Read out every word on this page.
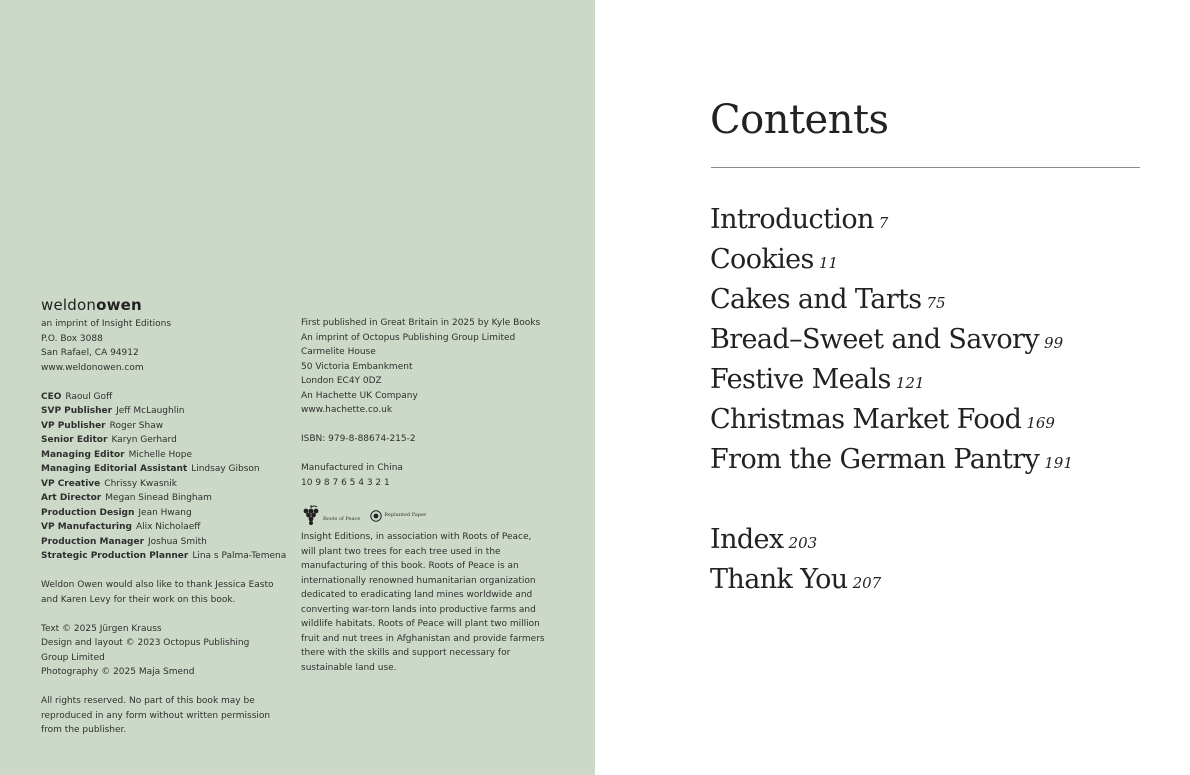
weldonowen
an imprint of Insight Editions
P.O. Box 3088
San Rafael, CA 94912
www.weldonowen.com
CEO Raoul Goff
SVP Publisher Jeff McLaughlin
VP Publisher Roger Shaw
Senior Editor Karyn Gerhard
Managing Editor Michelle Hope
Managing Editorial Assistant Lindsay Gibson
VP Creative Chrissy Kwasnik
Art Director Megan Sinead Bingham
Production Design Jean Hwang
VP Manufacturing Alix Nicholaeff
Production Manager Joshua Smith
Strategic Production Planner Lina s Palma-Temena
Weldon Owen would also like to thank Jessica Easto
and Karen Levy for their work on this book.
Text © 2025 Jürgen Krauss
Design and layout © 2023 Octopus Publishing
Group Limited
Photography © 2025 Maja Smend
All rights reserved. No part of this book may be
reproduced in any form without written permission
from the publisher.
First published in Great Britain in 2025 by Kyle Books
An imprint of Octopus Publishing Group Limited
Carmelite House
50 Victoria Embankment
London EC4Y 0DZ
An Hachette UK Company
www.hachette.co.uk
ISBN: 979-8-88674-215-2
Manufactured in China
10 9 8 7 6 5 4 3 2 1
Roots of Peace
Replanted Paper
Insight Editions, in association with Roots of Peace,
will plant two trees for each tree used in the
manufacturing of this book. Roots of Peace is an
internationally renowned humanitarian organization
dedicated to eradicating land mines worldwide and
converting war-torn lands into productive farms and
wildlife habitats. Roots of Peace will plant two million
fruit and nut trees in Afghanistan and provide farmers
there with the skills and support necessary for
sustainable land use.
Contents
Introduction 7
Cookies 11
Cakes and Tarts 75
Bread–Sweet and Savory 99
Festive Meals 121
Christmas Market Food 169
From the German Pantry 191
Index 203
Thank You 207
